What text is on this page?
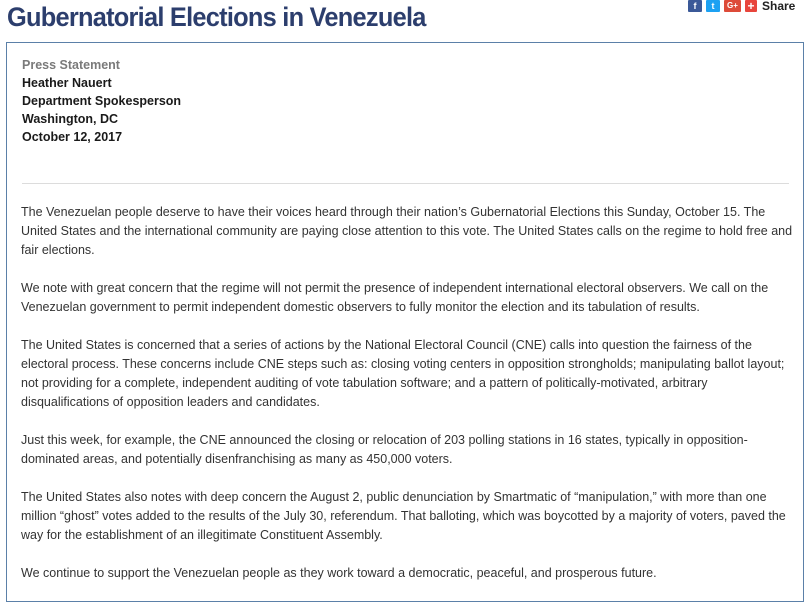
Gubernatorial Elections in Venezuela	f	t	G+ + Share
Press Statement
Heather Nauert
Department Spokesperson
Washington, DC
October 12, 2017

The Venezuelan people deserve to have their voices heard through their nation’s Gubernatorial Elections this Sunday, October 15. The United States and the international community are paying close attention to this vote. The United States calls on the regime to hold free and fair elections.

We note with great concern that the regime will not permit the presence of independent international electoral observers. We call on the Venezuelan government to permit independent domestic observers to fully monitor the election and its tabulation of results.

The United States is concerned that a series of actions by the National Electoral Council (CNE) calls into question the fairness of the electoral process. These concerns include CNE steps such as: closing voting centers in opposition strongholds; manipulating ballot layout; not providing for a complete, independent auditing of vote tabulation software; and a pattern of politically-motivated, arbitrary disqualifications of opposition leaders and candidates.

Just this week, for example, the CNE announced the closing or relocation of 203 polling stations in 16 states, typically in opposition-dominated areas, and potentially disenfranchising as many as 450,000 voters.

The United States also notes with deep concern the August 2, public denunciation by Smartmatic of “manipulation,” with more than one million “ghost” votes added to the results of the July 30, referendum. That balloting, which was boycotted by a majority of voters, paved the way for the establishment of an illegitimate Constituent Assembly.

We continue to support the Venezuelan people as they work toward a democratic, peaceful, and prosperous future.
